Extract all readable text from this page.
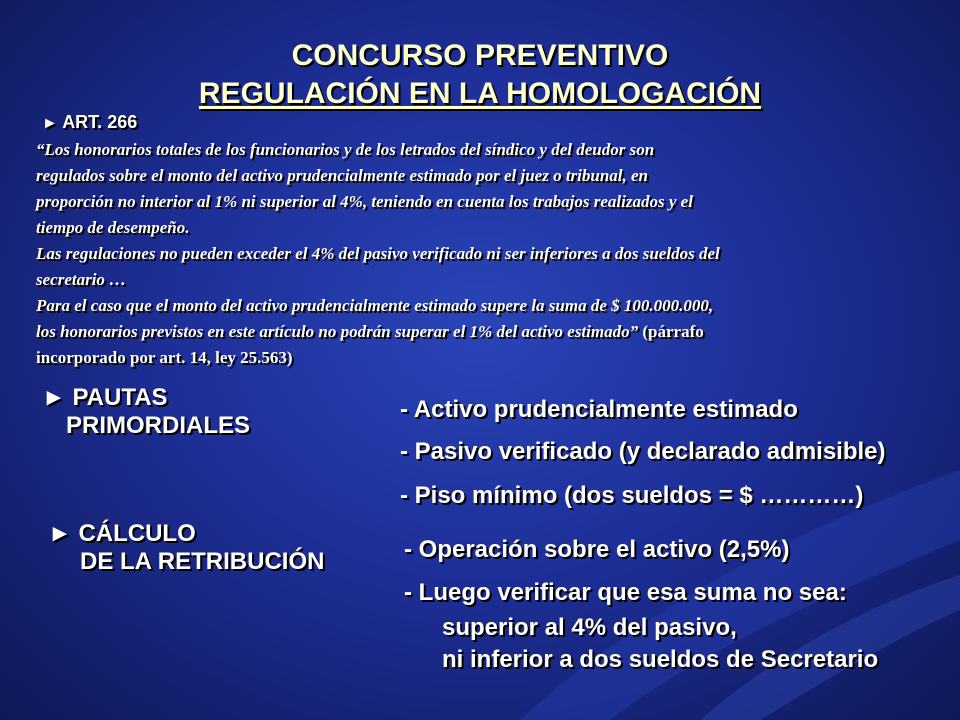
CONCURSO PREVENTIVO
REGULACIÓN EN LA HOMOLOGACIÓN
► ART. 266
“Los honorarios totales de los funcionarios y de los letrados del síndico y del deudor son
regulados sobre el monto del activo prudencialmente estimado por el juez o tribunal, en
proporción no interior al 1% ni superior al 4%, teniendo en cuenta los trabajos realizados y el
tiempo de desempeño.
Las regulaciones no pueden exceder el 4% del pasivo verificado ni ser inferiores a dos sueldos del
secretario …
Para el caso que el monto del activo prudencialmente estimado supere la suma de $ 100.000.000,
los honorarios previstos en este artículo no podrán superar el 1% del activo estimado” (párrafo
incorporado por art. 14, ley 25.563)
► PAUTAS
PRIMORDIALES
- Activo prudencialmente estimado
- Pasivo verificado (y declarado admisible)
- Piso mínimo (dos sueldos = $ …………)
► CÁLCULO
DE LA RETRIBUCIÓN	- Operación sobre el activo (2,5%)
- Luego verificar que esa suma no sea:
superior al 4% del pasivo,
ni inferior a dos sueldos de Secretario
